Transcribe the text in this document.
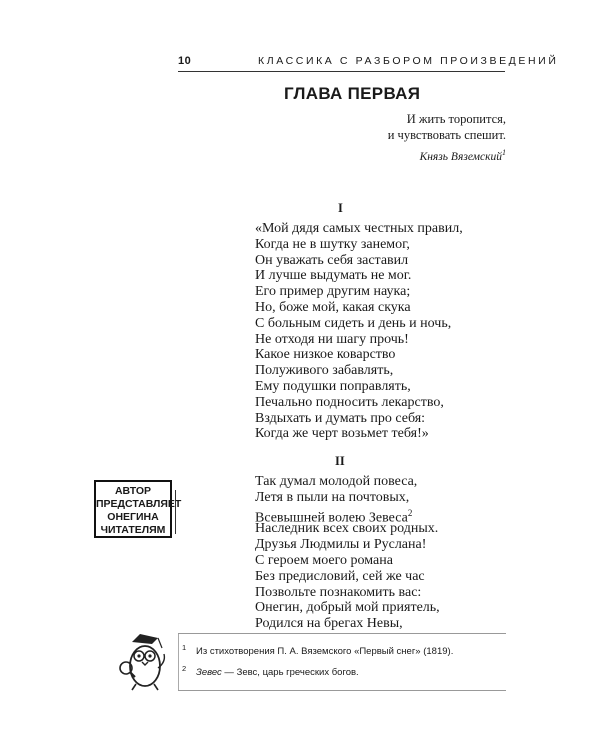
10	КЛАССИКА С РАЗБОРОМ ПРОИЗВЕДЕНИЙ
ГЛАВА ПЕРВАЯ
И жить торопится,
и чувствовать спешит.
Князь Вяземский$^1$
I
«Мой дядя самых честных правил,
Когда не в шутку занемог,
Он уважать себя заставил
И лучше выдумать не мог.
Его пример другим наука;
Но, боже мой, какая скука
С больным сидеть и день и ночь,
Не отходя ни шагу прочь!
Какое низкое коварство
Полуживого забавлять,
Ему подушки поправлять,
Печально подносить лекарство,
Вздыхать и думать про себя:
Когда же черт возьмет тебя!»
II
Так думал молодой повеса,
Летя в пыли на почтовых,
Всевышней волею Зевеса$^2$
Наследник всех своих родных.
Друзья Людмилы и Руслана!
С героем моего романа
Без предисловий, сей же час
Позвольте познакомить вас:
Онегин, добрый мой приятель,
Родился на брегах Невы,
АВТОР
ПРЕДСТАВЛЯЕТ
ОНЕГИНА
ЧИТАТЕЛЯМ
1 Из стихотворения П. А. Вяземского «Первый снег» (1819).
2 Зевес — Зевс, царь греческих богов.
